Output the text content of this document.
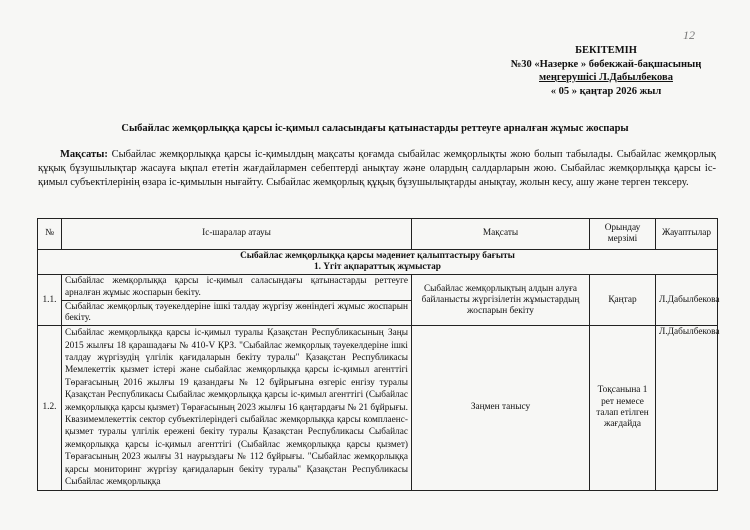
12
БЕКІТЕМІН
№30 «Назерке » бөбекжай-бақшасының
меңгерушісі Л.Дабылбекова
« 05 » қаңтар 2026 жыл
Сыбайлас жемқорлыққа қарсы іс-қимыл саласындағы қатынастарды реттеуге арналған жұмыс жоспары
Мақсаты: Сыбайлас жемқорлыққа қарсы іс-қимылдың мақсаты қоғамда сыбайлас жемқорлықты жою болып табылады. Сыбайлас жемқорлық құқық бұзушылықтар жасауға ықпал ететін жағдайлармен себептерді анықтау және олардың салдарларын жою. Сыбайлас жемқорлыққа қарсы іс-қимыл субъектілерінің өзара іс-қимылын нығайту. Сыбайлас жемқорлық құқық бұзушылықтарды анықтау, жолын кесу, ашу және терген тексеру.
№	Іс-шаралар атауы	Мақсаты	Орындау мерзімі	Жауаптылар

Сыбайлас жемқорлыққа қарсы мәдениет қалыптастыру бағыты
1. Үгіт ақпараттық жұмыстар				

1.1.	Сыбайлас жемқорлыққа қарсы іс-қимыл саласындағы қатынастарды реттеуге арналған жұмыс жоспарын бекіту.	Сыбайлас жемқорлықтың алдын алуға байланысты жүргізілетін жұмыстардың жоспарын бекіту	Қаңтар	Л.Дабылбекова
	Сыбайлас жемқорлық тәуекелдеріне ішкі талдау жүргізу жөніндегі жұмыс жоспарын бекіту.			
1.2.	Сыбайлас жемқорлыққа қарсы іс-қимыл туралы Қазақстан Республикасының Заңы 2015 жылғы 18 қарашадағы № 410-V ҚРЗ. "Сыбайлас жемқорлық тәуекелдеріне ішкі талдау жүргізудің үлгілік қағидаларын бекіту туралы" Қазақстан Республикасы Мемлекеттік қызмет істері және сыбайлас жемқорлыққа қарсы іс-қимыл агенттігі Төрағасының 2016 жылғы 19 қазандағы № 12 бұйрығына өзгеріс енгізу туралы Қазақстан Республикасы Сыбайлас жемқорлыққа қарсы іс-қимыл агенттігі (Сыбайлас жемқорлыққа қарсы қызмет) Төрағасының 2023 жылғы 16 қаңтардағы № 21 бұйрығы. Квазимемлекеттік сектор субъектілеріндегі сыбайлас жемқорлыққа қарсы комплаенс-қызмет туралы үлгілік ережені бекіту туралы Қазақстан Республикасы Сыбайлас жемқорлыққа қарсы іс-қимыл агенттігі (Сыбайлас жемқорлыққа қарсы қызмет) Төрағасының 2023 жылғы 31 наурыздағы № 112 бұйрығы. "Сыбайлас жемқорлыққа қарсы мониторинг жүргізу қағидаларын бекіту туралы" Қазақстан Республикасы Сыбайлас жемқорлыққа	Заңмен танысу	Тоқсанына 1 рет немесе талап етілген жағдайда	Л.Дабылбекова
